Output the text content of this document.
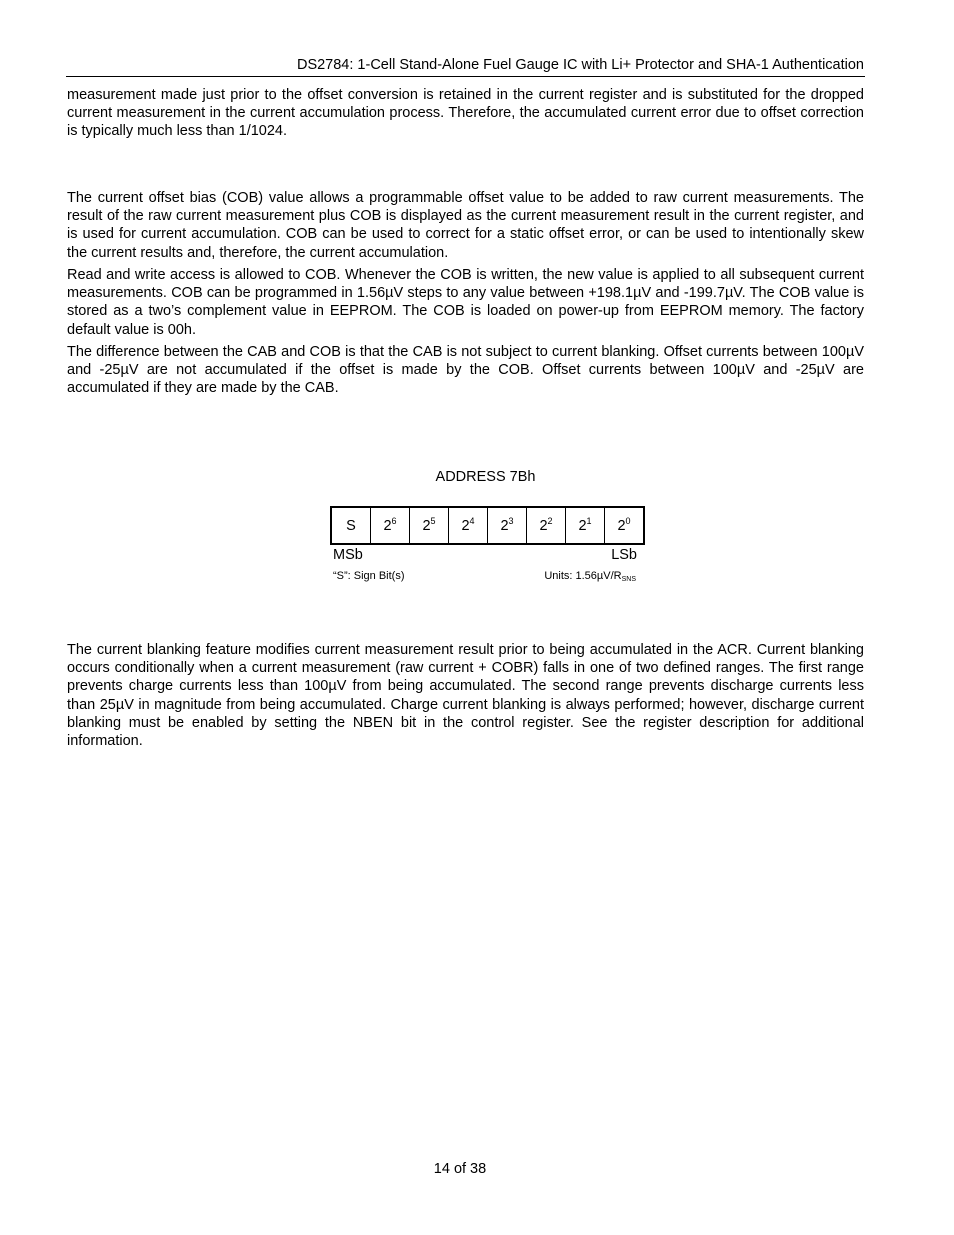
DS2784: 1-Cell Stand-Alone Fuel Gauge IC with Li+ Protector and SHA-1 Authentication

measurement made just prior to the offset conversion is retained in the current register and is substituted for the dropped current measurement in the current accumulation process. Therefore, the accumulated current error due to offset correction is typically much less than 1/1024.

The current offset bias (COB) value allows a programmable offset value to be added to raw current measurements. The result of the raw current measurement plus COB is displayed as the current measurement result in the current register, and is used for current accumulation. COB can be used to correct for a static offset error, or can be used to intentionally skew the current results and, therefore, the current accumulation.

Read and write access is allowed to COB. Whenever the COB is written, the new value is applied to all subsequent current measurements. COB can be programmed in 1.56µV steps to any value between +198.1µV and -199.7µV. The COB value is stored as a two’s complement value in EEPROM. The COB is loaded on power-up from EEPROM memory. The factory default value is 00h.

The difference between the CAB and COB is that the CAB is not subject to current blanking. Offset currents between 100µV and -25µV are not accumulated if the offset is made by the COB. Offset currents between 100µV and -25µV are accumulated if they are made by the CAB.

ADDRESS 7Bh
S	$2^6$	$2^5$	$2^4$	$2^3$	$2^2$	$2^1$	$2^0$
MSb	LSb
“S”: Sign Bit(s)	Units: $1.56\mu V/R_{SNS}$

The current blanking feature modifies current measurement result prior to being accumulated in the ACR. Current blanking occurs conditionally when a current measurement (raw current + COBR) falls in one of two defined ranges. The first range prevents charge currents less than 100µV from being accumulated. The second range prevents discharge currents less than 25µV in magnitude from being accumulated. Charge current blanking is always performed; however, discharge current blanking must be enabled by setting the NBEN bit in the control register. See the register description for additional information.

14 of 38
